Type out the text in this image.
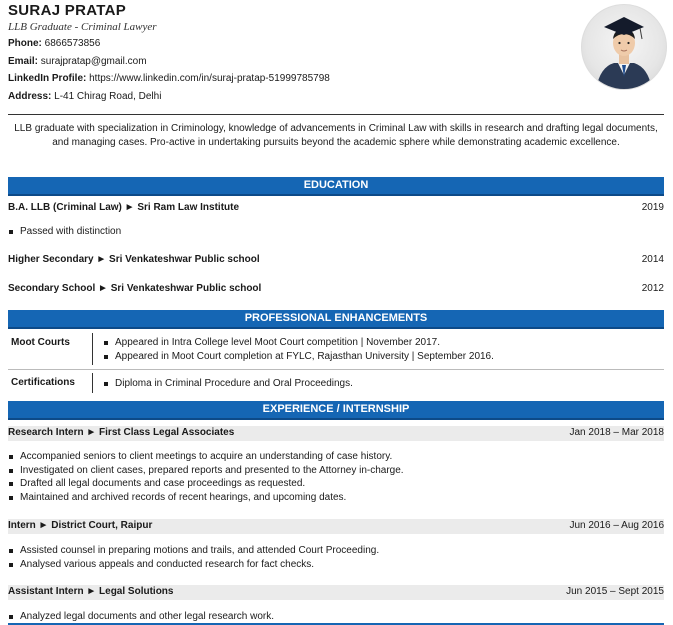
SURAJ PRATAP
LLB Graduate - Criminal Lawyer
Phone: 6866573856
Email: surajpratap@gmail.com
LinkedIn Profile: https://www.linkedin.com/in/suraj-pratap-51999785798
Address: L-41 Chirag Road, Delhi
LLB graduate with specialization in Criminology, knowledge of advancements in Criminal Law with skills in research and drafting legal documents, and managing cases. Pro-active in undertaking pursuits beyond the academic sphere while demonstrating academic excellence.
EDUCATION
B.A. LLB (Criminal Law) ► Sri Ram Law Institute	2019
Passed with distinction
Higher Secondary ► Sri Venkateshwar Public school	2014
Secondary School ► Sri Venkateshwar Public school	2012
PROFESSIONAL ENHANCEMENTS
Moot Courts	Appeared in Intra College level Moot Court competition | November 2017.
Appeared in Moot Court completion at FYLC, Rajasthan University | September 2016.
Certifications	Diploma in Criminal Procedure and Oral Proceedings.
EXPERIENCE / INTERNSHIP
Research Intern ► First Class Legal Associates	Jan 2018 – Mar 2018
Accompanied seniors to client meetings to acquire an understanding of case history.
Investigated on client cases, prepared reports and presented to the Attorney in-charge.
Drafted all legal documents and case proceedings as requested.
Maintained and archived records of recent hearings, and upcoming dates.
Intern ► District Court, Raipur	Jun 2016 – Aug 2016
Assisted counsel in preparing motions and trails, and attended Court Proceeding.
Analysed various appeals and conducted research for fact checks.
Assistant Intern ► Legal Solutions	Jun 2015 – Sept 2015
Analyzed legal documents and other legal research work.
